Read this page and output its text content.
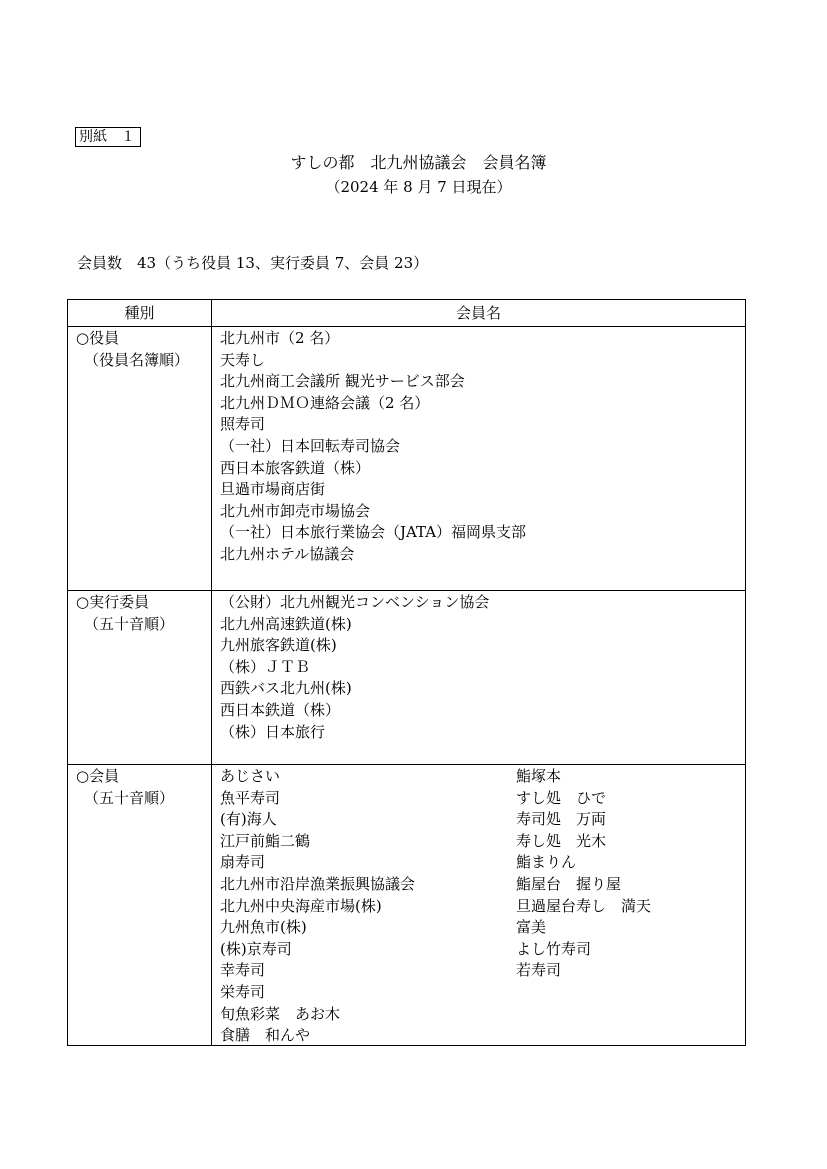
別紙　１
すしの都　北九州協議会　会員名簿
（2024 年 8 月 7 日現在）
会員数　43（うち役員 13、実行委員 7、会員 23）
種別	会員名
○役員
（役員名簿順）
北九州市（2 名）
天寿し
北九州商工会議所 観光サービス部会
北九州ＤＭＯ連絡会議（2 名）
照寿司
（一社）日本回転寿司協会
西日本旅客鉄道（株）
旦過市場商店街
北九州市卸売市場協会
（一社）日本旅行業協会（JATA）福岡県支部
北九州ホテル協議会
○実行委員
（五十音順）
（公財）北九州観光コンベンション協会
北九州高速鉄道(株)
九州旅客鉄道(株)
（株）ＪＴＢ
西鉄バス北九州(株)
西日本鉄道（株）
（株）日本旅行
○会員
（五十音順）
あじさい
魚平寿司
(有)海人
江戸前鮨二鶴
扇寿司
北九州市沿岸漁業振興協議会
北九州中央海産市場(株)
九州魚市(株)
(株)京寿司
幸寿司
栄寿司
旬魚彩菜　あお木
食膳　和んや
鮨塚本
すし処　ひで
寿司処　万両
寿し処　光木
鮨まりん
鮨屋台　握り屋
旦過屋台寿し　満天
富美
よし竹寿司
若寿司
